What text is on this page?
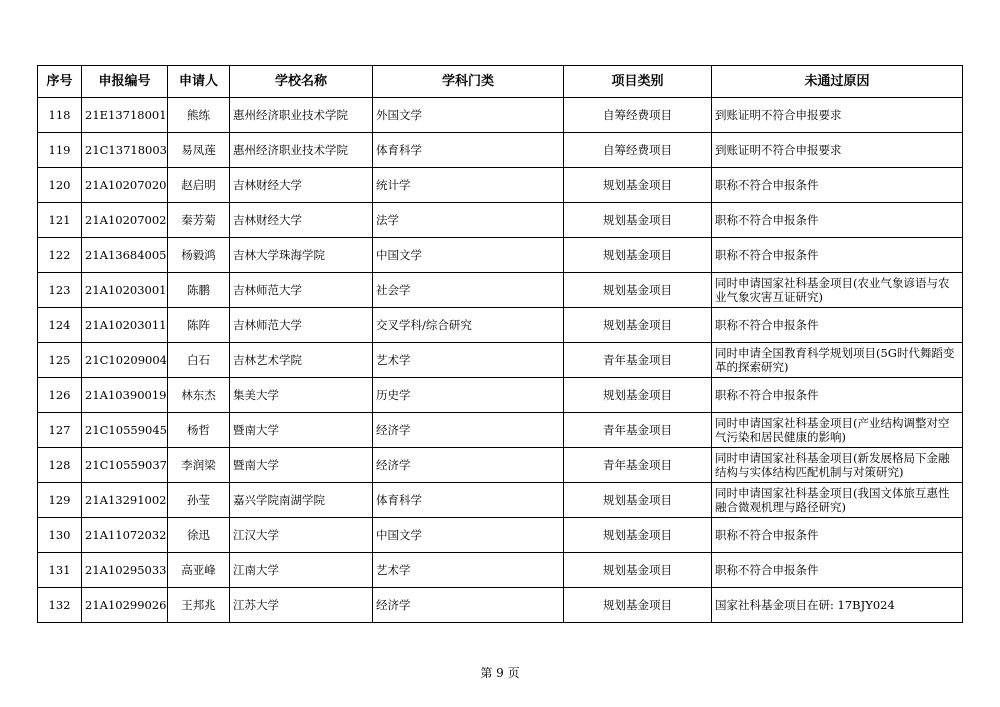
序号	申报编号	申请人	学校名称	学科门类	项目类别	未通过原因
118	21E13718001	熊练	惠州经济职业技术学院	外国文学	自筹经费项目	到账证明不符合申报要求
119	21C13718003	易凤莲	惠州经济职业技术学院	体育科学	自筹经费项目	到账证明不符合申报要求
120	21A10207020	赵启明	吉林财经大学	统计学	规划基金项目	职称不符合申报条件
121	21A10207002	秦芳菊	吉林财经大学	法学	规划基金项目	职称不符合申报条件
122	21A13684005	杨毅鸿	吉林大学珠海学院	中国文学	规划基金项目	职称不符合申报条件
123	21A10203001	陈鹏	吉林师范大学	社会学	规划基金项目	同时申请国家社科基金项目(农业气象谚语与农业气象灾害互证研究)
124	21A10203011	陈阵	吉林师范大学	交叉学科/综合研究	规划基金项目	职称不符合申报条件
125	21C10209004	白石	吉林艺术学院	艺术学	青年基金项目	同时申请全国教育科学规划项目(5G时代舞蹈变革的探索研究)
126	21A10390019	林东杰	集美大学	历史学	规划基金项目	职称不符合申报条件
127	21C10559045	杨哲	暨南大学	经济学	青年基金项目	同时申请国家社科基金项目(产业结构调整对空气污染和居民健康的影响)
128	21C10559037	李润梁	暨南大学	经济学	青年基金项目	同时申请国家社科基金项目(新发展格局下金融结构与实体结构匹配机制与对策研究)
129	21A13291002	孙莹	嘉兴学院南湖学院	体育科学	规划基金项目	同时申请国家社科基金项目(我国文体旅互惠性融合微观机理与路径研究)
130	21A11072032	徐迅	江汉大学	中国文学	规划基金项目	职称不符合申报条件
131	21A10295033	高亚峰	江南大学	艺术学	规划基金项目	职称不符合申报条件
132	21A10299026	王邦兆	江苏大学	经济学	规划基金项目	国家社科基金项目在研: 17BJY024
第 9 页
